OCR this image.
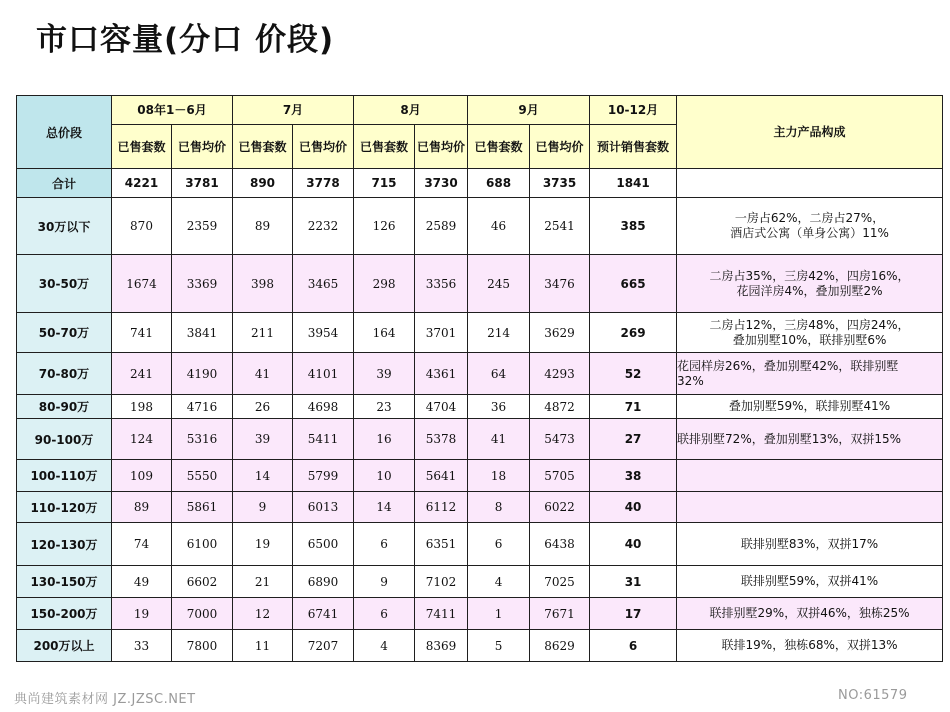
市口容量(分口 价段)
总价段	08年1－6月		7月		8月		9月		10-12月	主力产品构成
	已售套数	已售均价	已售套数	已售均价	已售套数	已售均价	已售套数	已售均价	预计销售套数	
合计	4221	3781	890	3778	715	3730	688	3735	1841	
30万以下	870	2359	89	2232	126	2589	46	2541	385	一房占62%，二房占27%，
酒店式公寓（单身公寓）11%
30-50万	1674	3369	398	3465	298	3356	245	3476	665	二房占35%，三房42%，四房16%，
花园洋房4%，叠加别墅2%
50-70万	741	3841	211	3954	164	3701	214	3629	269	二房占12%，三房48%，四房24%，
叠加别墅10%，联排别墅6%
70-80万	241	4190	41	4101	39	4361	64	4293	52	花园样房26%，叠加别墅42%，联排别墅
32%
80-90万	198	4716	26	4698	23	4704	36	4872	71	叠加别墅59%，联排别墅41%
90-100万	124	5316	39	5411	16	5378	41	5473	27	联排别墅72%，叠加别墅13%，双拼15%
100-110万	109	5550	14	5799	10	5641	18	5705	38	
110-120万	89	5861	9	6013	14	6112	8	6022	40	
120-130万	74	6100	19	6500	6	6351	6	6438	40	联排别墅83%，双拼17%
130-150万	49	6602	21	6890	9	7102	4	7025	31	联排别墅59%，双拼41%
150-200万	19	7000	12	6741	6	7411	1	7671	17	联排别墅29%，双拼46%，独栋25%
200万以上	33	7800	11	7207	4	8369	5	8629	6	联排19%，独栋68%，双拼13%
典尚建筑素材网 JZ.JZSC.NET	NO:61579
